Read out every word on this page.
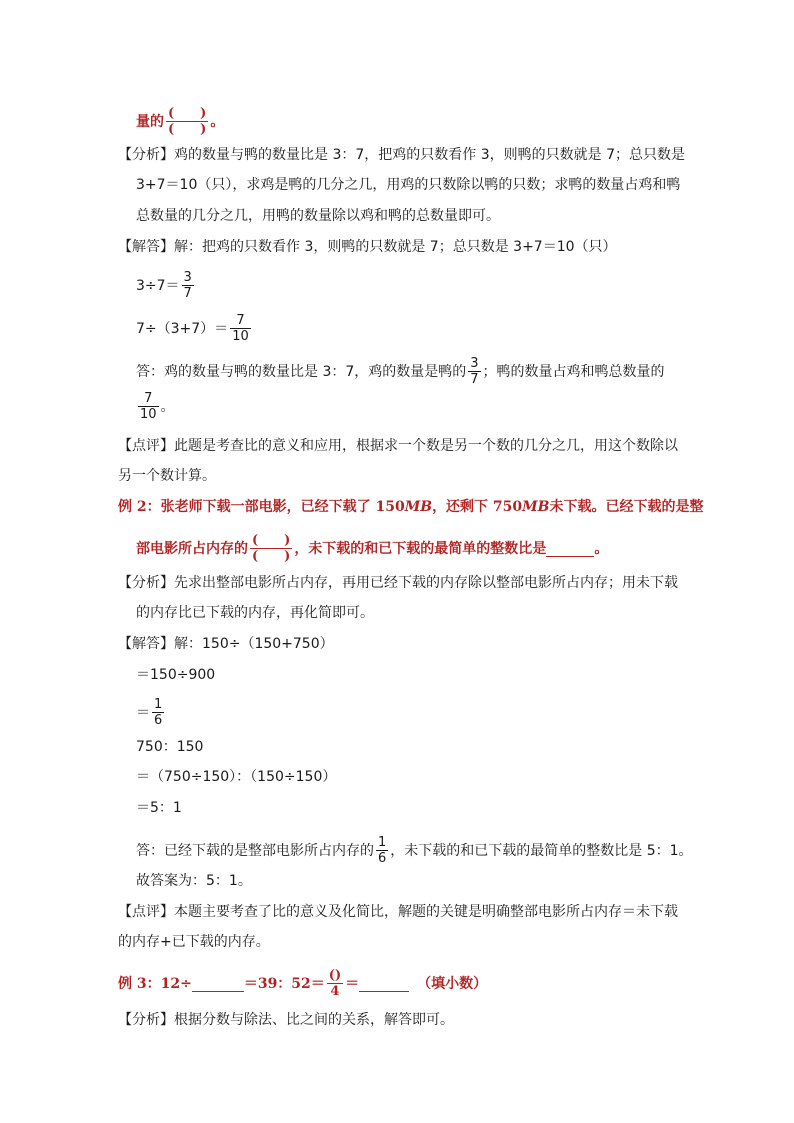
量的 $\frac{( )}{( )}$ 。
【分析】 鸡的数量与鸭的数量比是 3：7，把鸡的只数看作 3，则鸭的只数就是 7；总只数是
3+7＝10（只），求鸡是鸭的几分之几，用鸡的只数除以鸭的只数；求鸭的数量占鸡和鸭
总数量的几分之几，用鸭的数量除以鸡和鸭的总数量即可。
【解答】 解：把鸡的只数看作 3，则鸭的只数就是 7；总只数是 3+7＝10（只）
$3\div 7= \frac{3}{7}$
$7\div(3+7)= \frac{7}{10}$
答：鸡的数量与鸭的数量比是 3：7，鸡的数量是鸭的 $\frac{3}{7}$ ；鸭的数量占鸡和鸭总数量的
$\frac{7}{10}$ 。
【点评】 此题是考查比的意义和应用，根据求一个数是另一个数的几分之几，用这个数除以
另一个数计算。
例 2：张老师下载一部电影，已经下载了 150 MB ，还剩下 750 MB 未下载。已经下载的是整
部电影所占内存的 $\frac{( )}{( )}$ ，未下载的和已下载的最简单的整数比是	。
【分析】 先求出整部电影所占内存，再用已经下载的内存除以整部电影所占内存；用未下载
的内存比已下载的内存，再化简即可。
【解答】 解：150÷（150+750）
＝150÷900
＝ $\frac{1}{6}$
750：150
＝（750÷150）：（150÷150）
＝5：1
答：已经下载的是整部电影所占内存的 $\frac{1}{6}$ ，未下载的和已下载的最简单的整数比是 5：1。
故答案为：5：1。
【点评】 本题主要考查了比的意义及化简比，解题的关键是明确整部电影所占内存＝未下载
的内存+已下载的内存。
例 3：12÷	＝39：$52= \frac{()}{4}$ ＝	（填小数）
【分析】 根据分数与除法、比之间的关系，解答即可。
